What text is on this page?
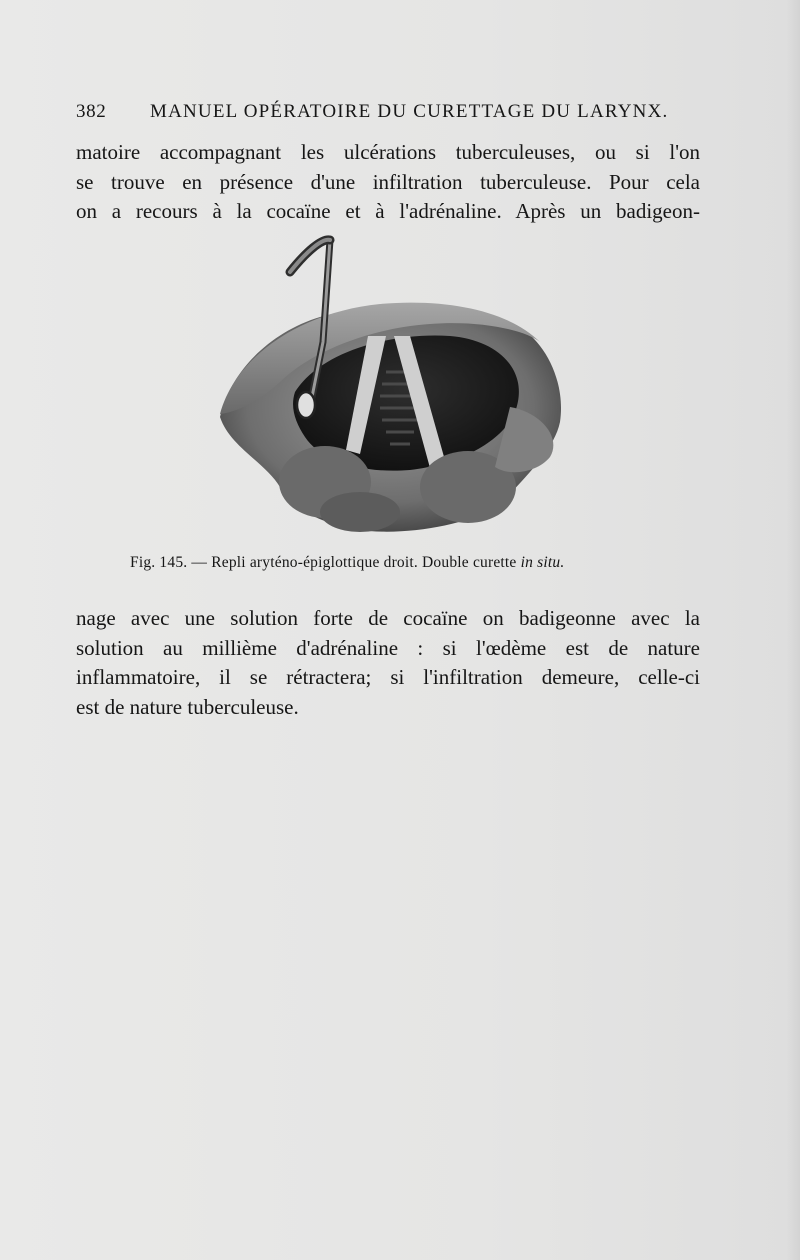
382 MANUEL OPÉRATOIRE DU CURETTAGE DU LARYNX.
matoire accompagnant les ulcérations tuberculeuses, ou si l'on
se trouve en présence d'une infiltration tuberculeuse. Pour cela
on a recours à la cocaïne et à l'adrénaline. Après un badigeon-
Fig. 145. — Repli aryténo-épiglottique droit. Double curette in situ.
nage avec une solution forte de cocaïne on badigeonne avec la
solution au millième d'adrénaline : si l'œdème est de nature
inflammatoire, il se rétractera; si l'infiltration demeure, celle-ci
est de nature tuberculeuse.
